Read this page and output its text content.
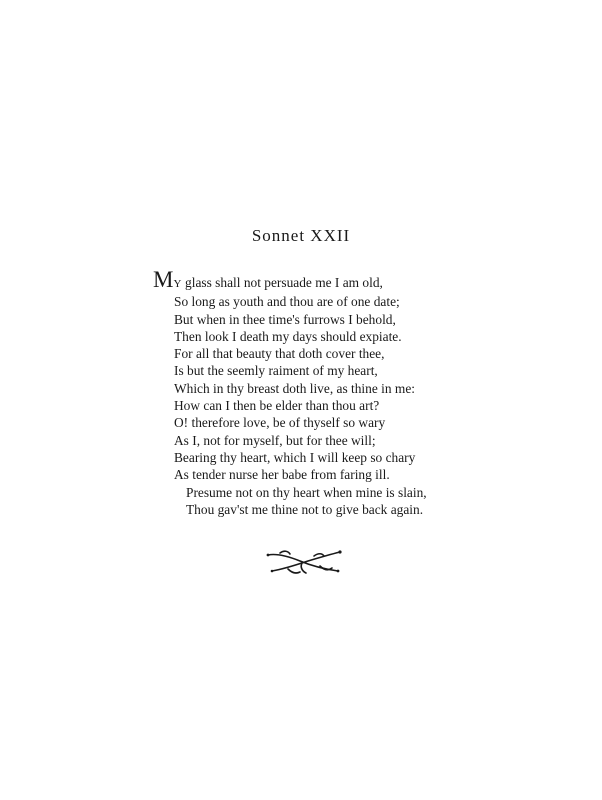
Sonnet XXII
MY glass shall not persuade me I am old,
So long as youth and thou are of one date;
But when in thee time's furrows I behold,
Then look I death my days should expiate.
For all that beauty that doth cover thee,
Is but the seemly raiment of my heart,
Which in thy breast doth live, as thine in me:
How can I then be elder than thou art?
O! therefore love, be of thyself so wary
As I, not for myself, but for thee will;
Bearing thy heart, which I will keep so chary
As tender nurse her babe from faring ill.
Presume not on thy heart when mine is slain,
Thou gav'st me thine not to give back again.
